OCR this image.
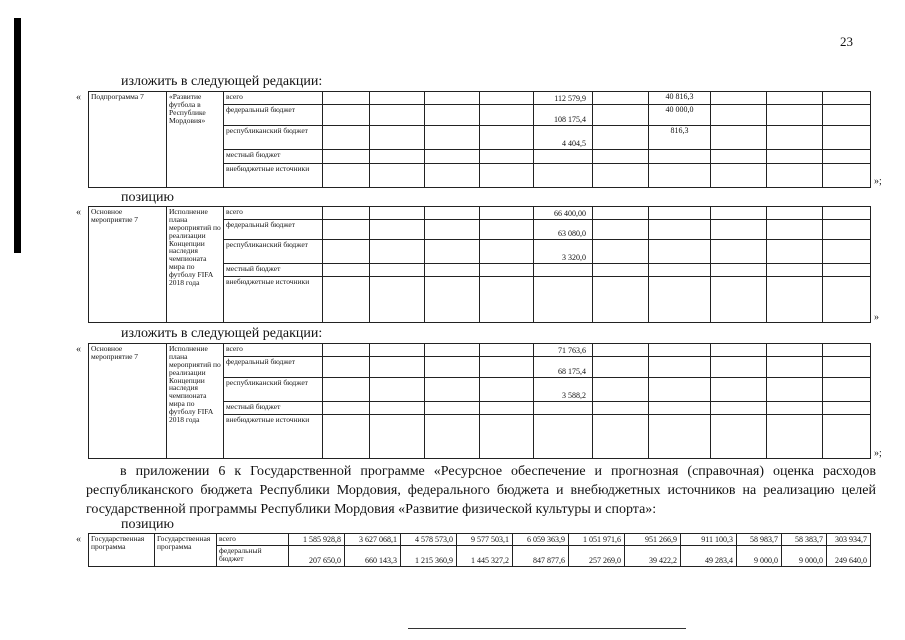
23
изложить в следующей редакции:
« Подпрограмма 7	«Развитие футбола в Республике Мордовия»	всего					112 579,9		40 816,3			
		федеральный бюджет					108 175,4		40 000,0			
		республиканский бюджет					4 404,5		816,3			
		местный бюджет										
		внебюджетные источники										
»;
позицию
« Основное мероприятие 7	Исполнение плана мероприятий по реализации Концепции наследия чемпионата мира по футболу FIFA 2018 года	всего					66 400,00					
		федеральный бюджет					63 080,0					
		республиканский бюджет					3 320,0					
		местный бюджет										
		внебюджетные источники										
»
изложить в следующей редакции:
« Основное мероприятие 7	Исполнение плана мероприятий по реализации Концепции наследия чемпионата мира по футболу FIFA 2018 года	всего					71 763,6					
		федеральный бюджет					68 175,4					
		республиканский бюджет					3 588,2					
		местный бюджет										
		внебюджетные источники										
»;
в приложении 6 к Государственной программе «Ресурсное обеспечение и прогнозная (справочная) оценка расходов республиканского бюджета Республики Мордовия, федерального бюджета и внебюджетных источников на реализацию целей государственной программы Республики Мордовия «Развитие физической культуры и спорта»:
позицию
« Государственная программа	Государственная программа	всего	1 585 928,8	3 627 068,1	4 578 573,0	9 577 503,1	6 059 363,9	1 051 971,6	951 266,9	911 100,3	58 983,7	58 383,7	303 934,7
		федеральный бюджет	207 650,0	660 143,3	1 215 360,9	1 445 327,2	847 877,6	257 269,0	39 422,2	49 283,4	9 000,0	9 000,0	249 640,0
